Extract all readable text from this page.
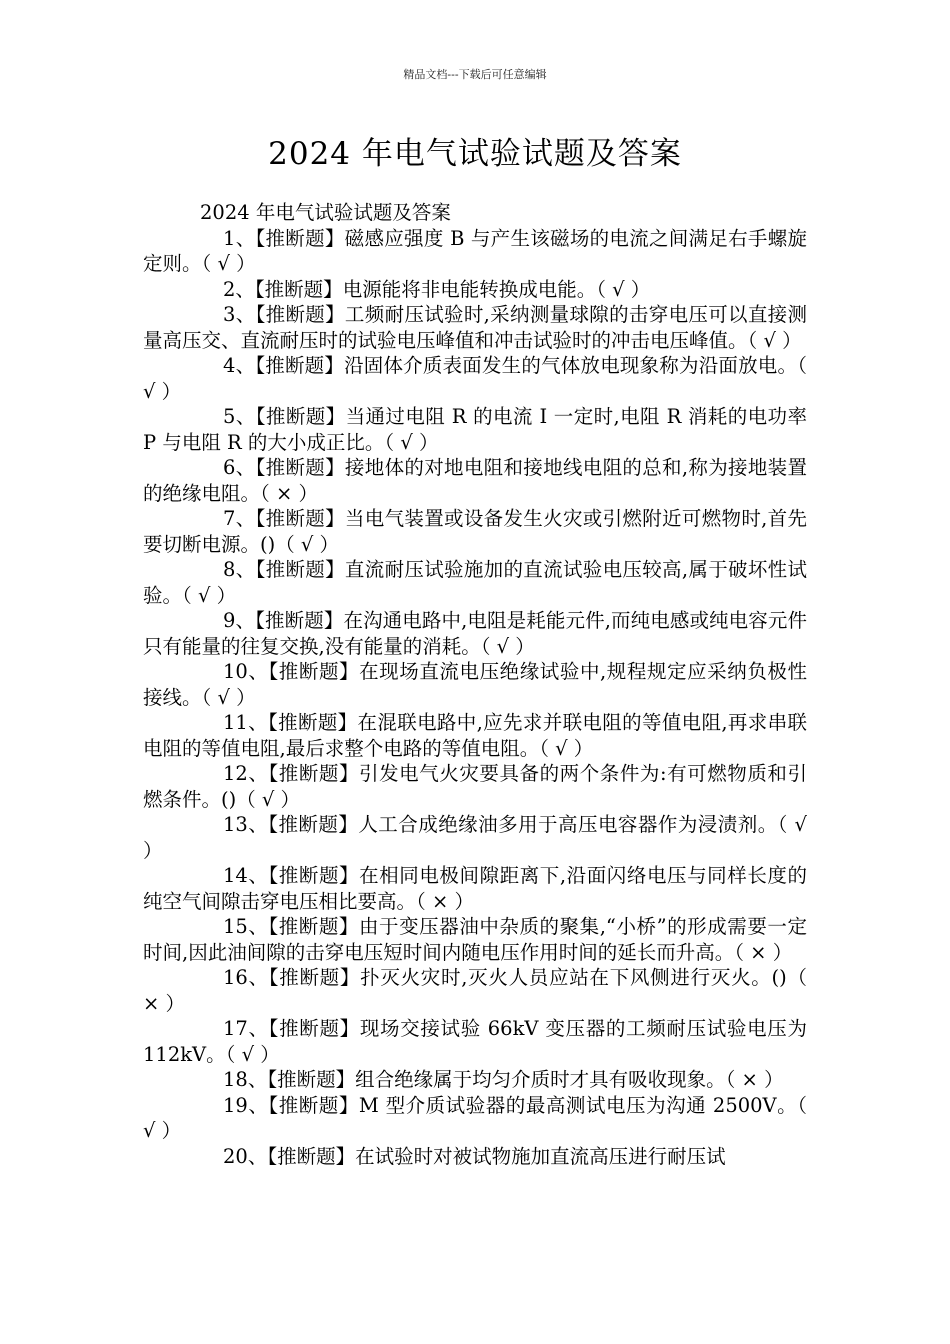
精品文档---下载后可任意编辑
2024 年电气试验试题及答案

2024 年电气试验试题及答案

1、【推断题】磁感应强度 B 与产生该磁场的电流之间满足右手螺旋定则。（ √ ）
2、【推断题】电源能将非电能转换成电能。（ √ ）
3、【推断题】工频耐压试验时,采纳测量球隙的击穿电压可以直接测量高压交、直流耐压时的试验电压峰值和冲击试验时的冲击电压峰值。（ √ ）
4、【推断题】沿固体介质表面发生的气体放电现象称为沿面放电。（ √ ）
5、【推断题】当通过电阻 R 的电流 I 一定时,电阻 R 消耗的电功率 P 与电阻 R 的大小成正比。（ √ ）
6、【推断题】接地体的对地电阻和接地线电阻的总和,称为接地装置的绝缘电阻。（ × ）
7、【推断题】当电气装置或设备发生火灾或引燃附近可燃物时,首先要切断电源。()（ √ ）
8、【推断题】直流耐压试验施加的直流试验电压较高,属于破坏性试验。（ √ ）
9、【推断题】在沟通电路中,电阻是耗能元件,而纯电感或纯电容元件只有能量的往复交换,没有能量的消耗。（ √ ）
10、【推断题】在现场直流电压绝缘试验中,规程规定应采纳负极性接线。（ √ ）
11、【推断题】在混联电路中,应先求并联电阻的等值电阻,再求串联电阻的等值电阻,最后求整个电路的等值电阻。（ √ ）
12、【推断题】引发电气火灾要具备的两个条件为:有可燃物质和引燃条件。()（ √ ）
13、【推断题】人工合成绝缘油多用于高压电容器作为浸渍剂。（ √ ）
14、【推断题】在相同电极间隙距离下,沿面闪络电压与同样长度的纯空气间隙击穿电压相比要高。（ × ）
15、【推断题】由于变压器油中杂质的聚集,“小桥”的形成需要一定时间,因此油间隙的击穿电压短时间内随电压作用时间的延长而升高。（ × ）
16、【推断题】扑灭火灾时,灭火人员应站在下风侧进行灭火。()（ × ）
17、【推断题】现场交接试验 66kV 变压器的工频耐压试验电压为 112kV。（ √ ）
18、【推断题】组合绝缘属于均匀介质时才具有吸收现象。（ × ）
19、【推断题】M 型介质试验器的最高测试电压为沟通 2500V。（ √ ）
20、【推断题】在试验时对被试物施加直流高压进行耐压试
